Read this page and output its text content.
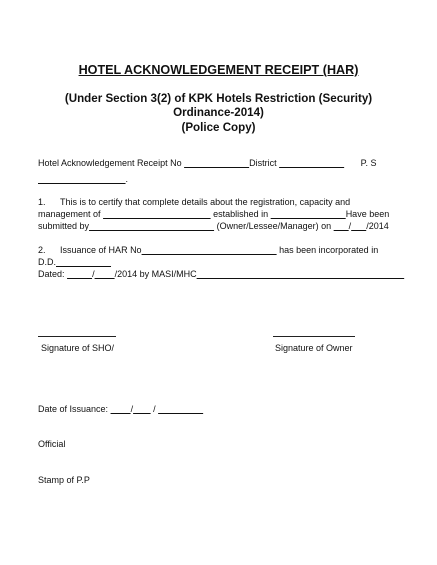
HOTEL ACKNOWLEDGEMENT RECEIPT (HAR)
(Under Section 3(2) of KPK Hotels Restriction (Security)
Ordinance-2014)
(Police Copy)
Hotel Acknowledgement Receipt No	District	P. S
.
1. This is to certify that complete details about the registration, capacity and
management of	established in	Have been
submitted by	(Owner/Lessee/Manager) on / /2014
2. Issuance of HAR No	has been incorporated in
D.D.
Dated:	/ /2014 by MASI/MHC
Signature of SHO/	Signature of Owner
Date of Issuance:	/        /
Official
Stamp of P.P
